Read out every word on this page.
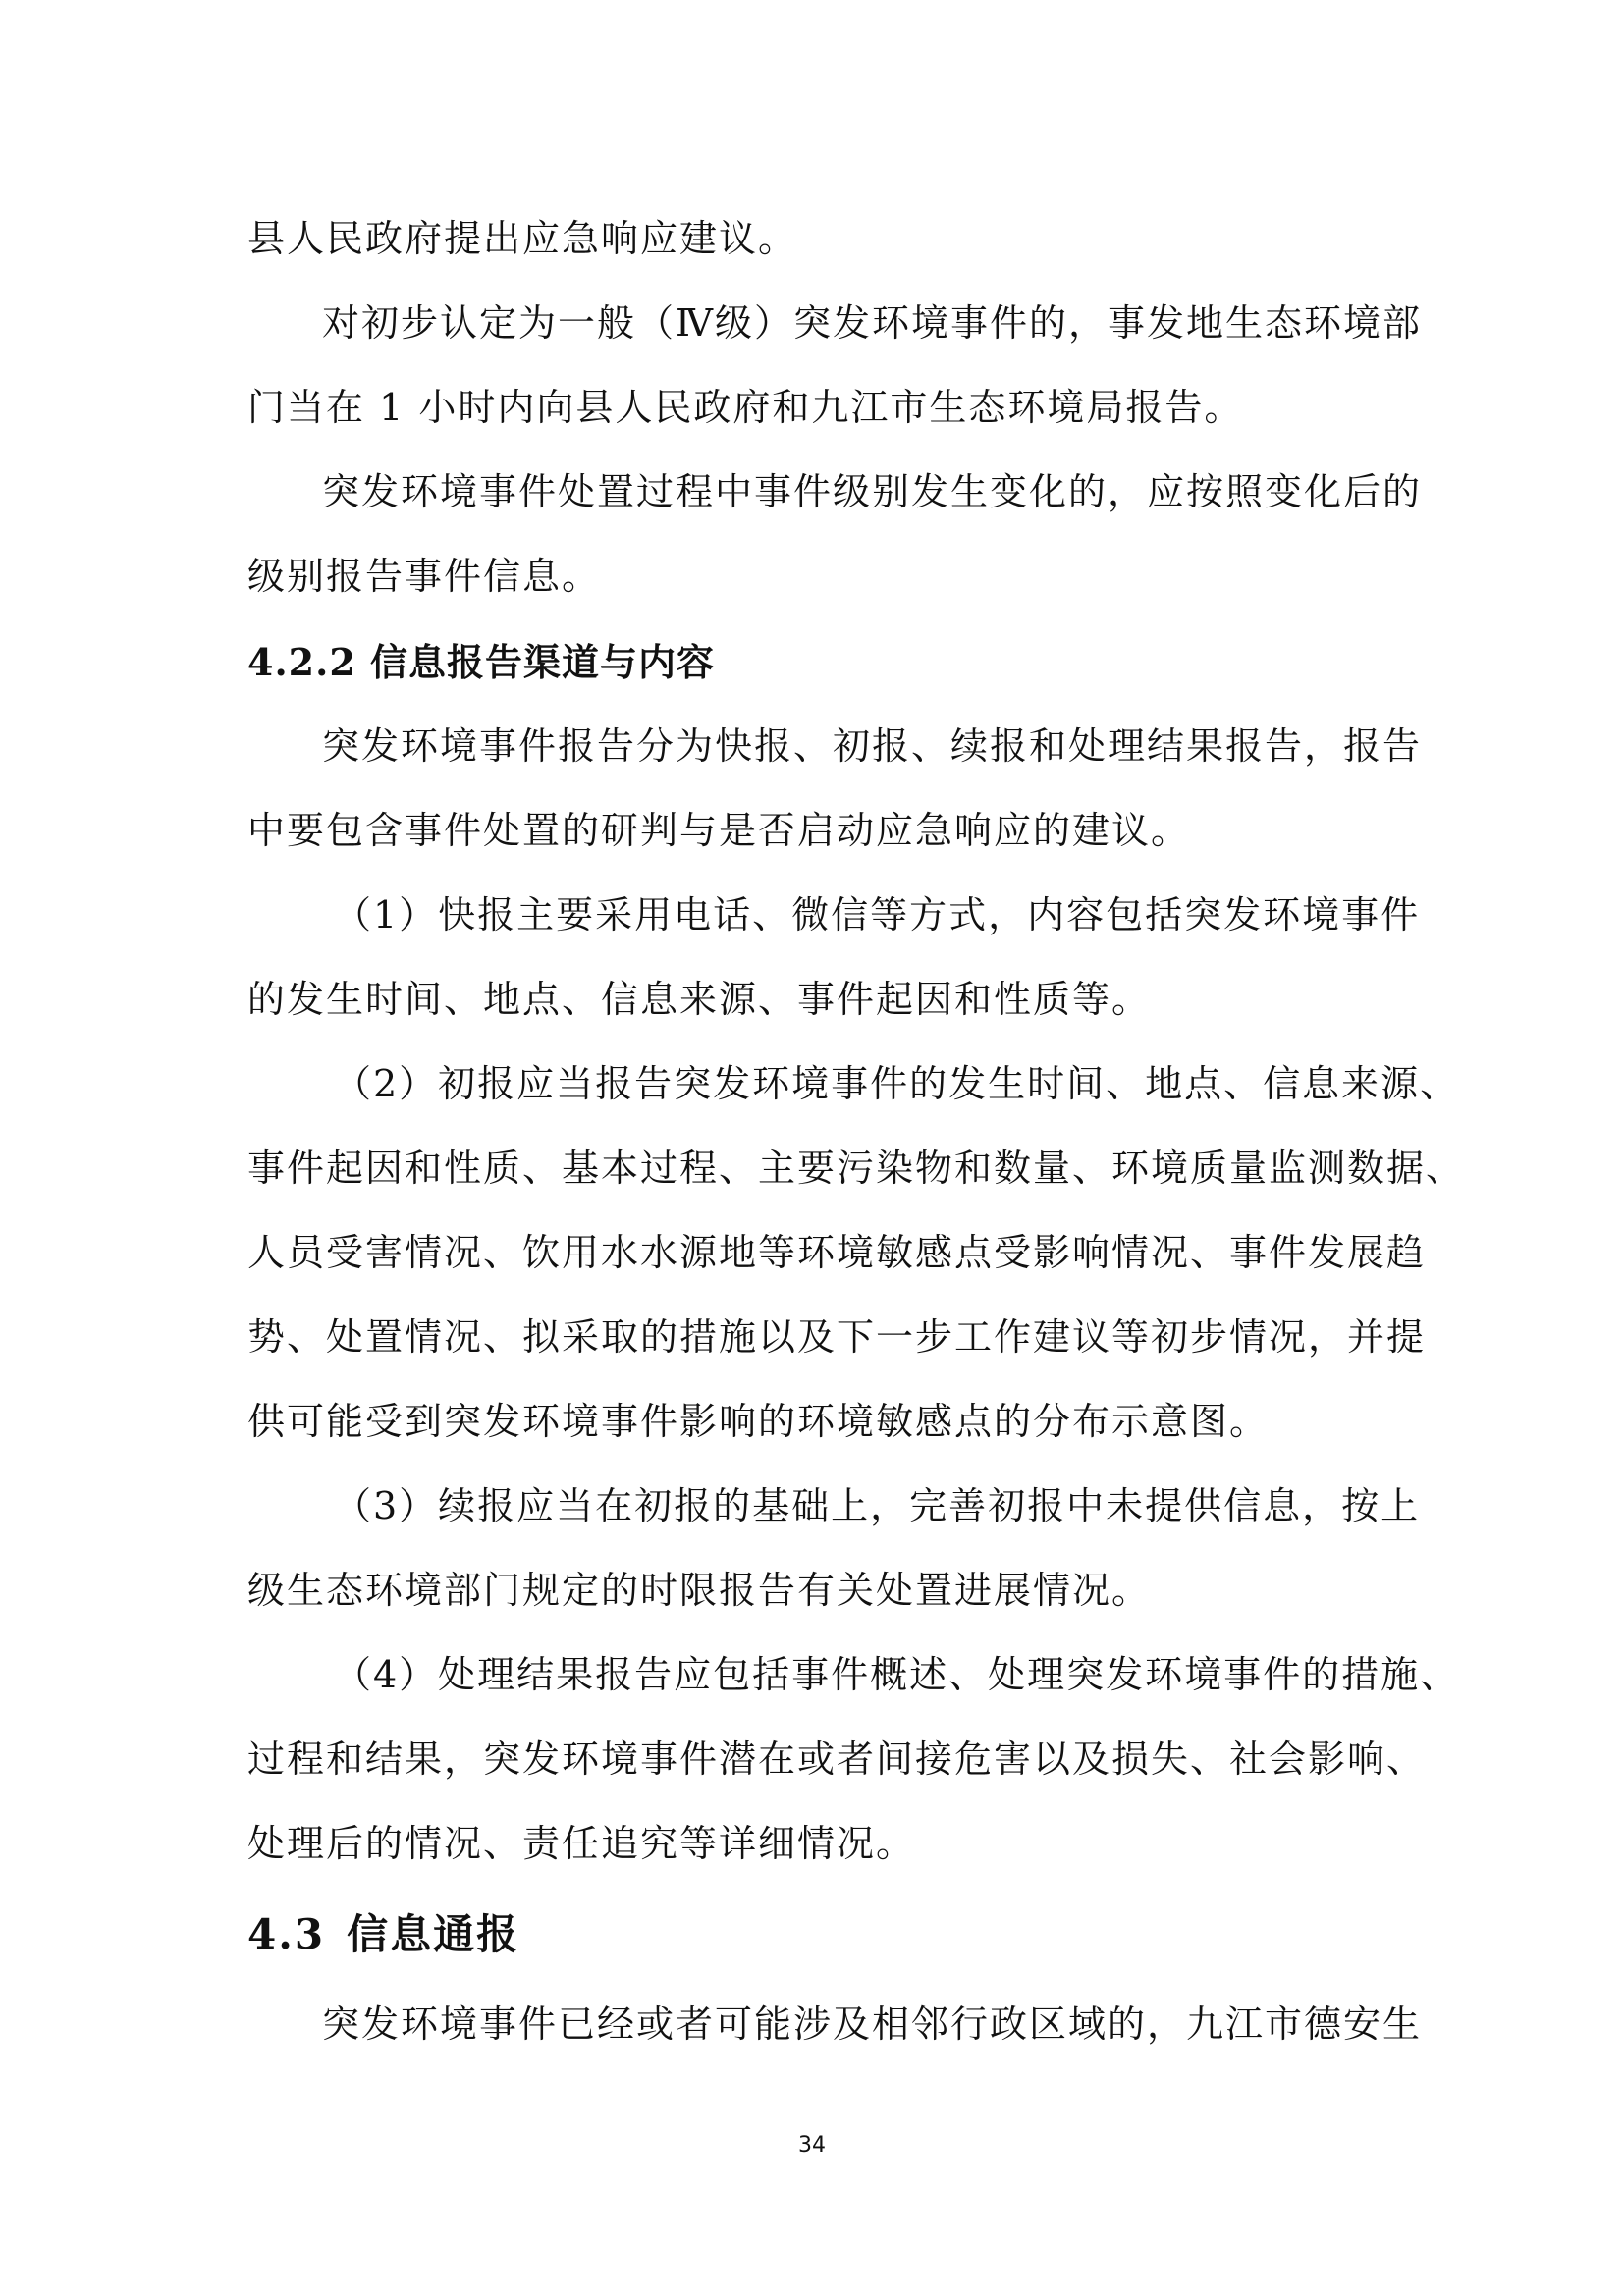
县人民政府提出应急响应建议。
对初步认定为一般（Ⅳ级）突发环境事件的，事发地生态环境部
门当在 1 小时内向县人民政府和九江市生态环境局报告。
突发环境事件处置过程中事件级别发生变化的，应按照变化后的
级别报告事件信息。
4.2.2 信息报告渠道与内容
突发环境事件报告分为快报、初报、续报和处理结果报告，报告
中要包含事件处置的研判与是否启动应急响应的建议。
（1）快报主要采用电话、微信等方式，内容包括突发环境事件
的发生时间、地点、信息来源、事件起因和性质等。
（2）初报应当报告突发环境事件的发生时间、地点、信息来源、
事件起因和性质、基本过程、主要污染物和数量、环境质量监测数据、
人员受害情况、饮用水水源地等环境敏感点受影响情况、事件发展趋
势、处置情况、拟采取的措施以及下一步工作建议等初步情况，并提
供可能受到突发环境事件影响的环境敏感点的分布示意图。
（3）续报应当在初报的基础上，完善初报中未提供信息，按上
级生态环境部门规定的时限报告有关处置进展情况。
（4）处理结果报告应包括事件概述、处理突发环境事件的措施、
过程和结果，突发环境事件潜在或者间接危害以及损失、社会影响、
处理后的情况、责任追究等详细情况。
4.3 信息通报
突发环境事件已经或者可能涉及相邻行政区域的，九江市德安生
34
